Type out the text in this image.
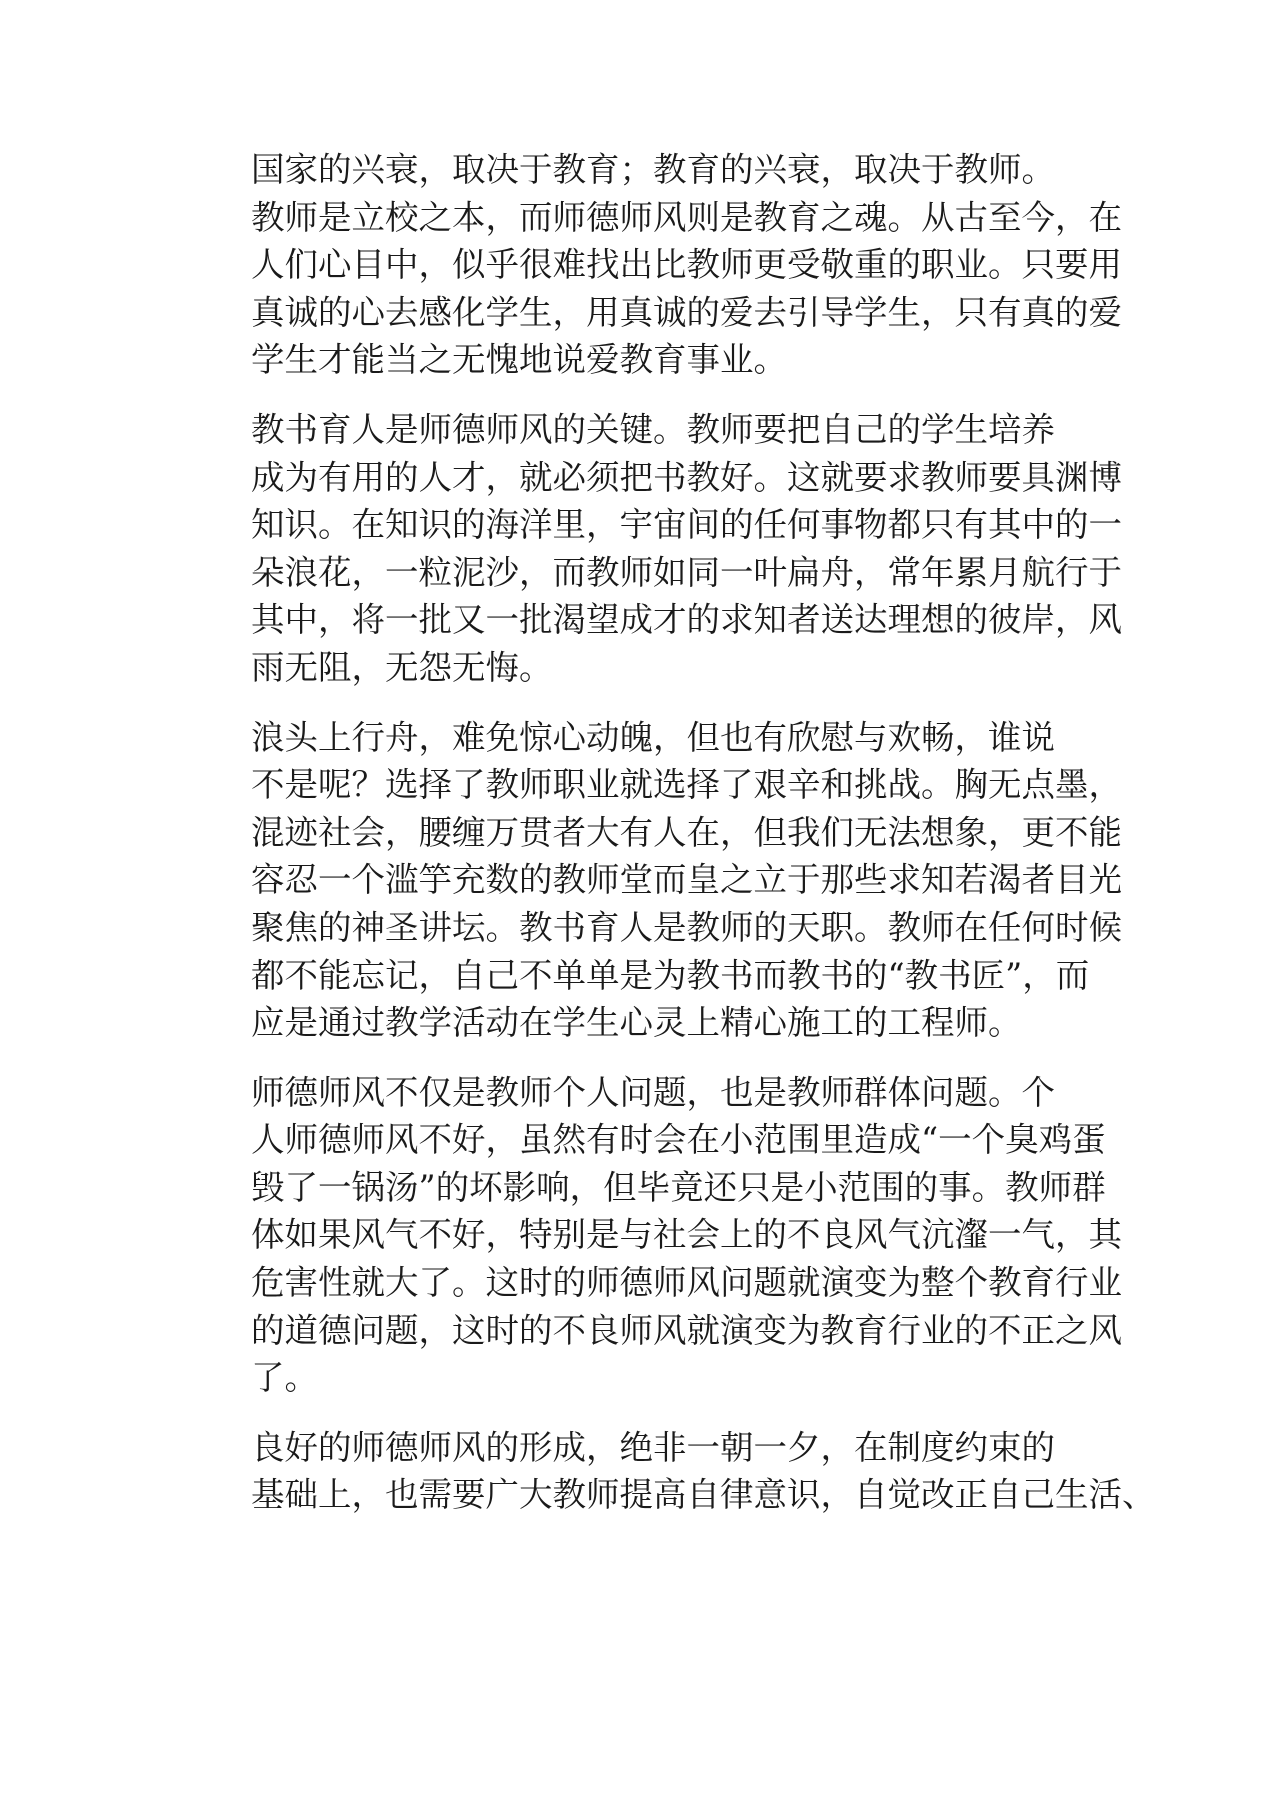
国家的兴衰，取决于教育；教育的兴衰，取决于教师。
教师是立校之本，而师德师风则是教育之魂。从古至今，在
人们心目中，似乎很难找出比教师更受敬重的职业。只要用
真诚的心去感化学生，用真诚的爱去引导学生，只有真的爱
学生才能当之无愧地说爱教育事业。

教书育人是师德师风的关键。教师要把自己的学生培养
成为有用的人才，就必须把书教好。这就要求教师要具渊博
知识。在知识的海洋里，宇宙间的任何事物都只有其中的一
朵浪花，一粒泥沙，而教师如同一叶扁舟，常年累月航行于
其中，将一批又一批渴望成才的求知者送达理想的彼岸，风
雨无阻，无怨无悔。

浪头上行舟，难免惊心动魄，但也有欣慰与欢畅，谁说
不是呢？选择了教师职业就选择了艰辛和挑战。胸无点墨，
混迹社会，腰缠万贯者大有人在，但我们无法想象，更不能
容忍一个滥竽充数的教师堂而皇之立于那些求知若渴者目光
聚焦的神圣讲坛。教书育人是教师的天职。教师在任何时候
都不能忘记，自己不单单是为教书而教书的“教书匠”，而
应是通过教学活动在学生心灵上精心施工的工程师。

师德师风不仅是教师个人问题，也是教师群体问题。个
人师德师风不好，虽然有时会在小范围里造成“一个臭鸡蛋
毁了一锅汤”的坏影响，但毕竟还只是小范围的事。教师群
体如果风气不好，特别是与社会上的不良风气沆瀣一气，其
危害性就大了。这时的师德师风问题就演变为整个教育行业
的道德问题，这时的不良师风就演变为教育行业的不正之风
了。

良好的师德师风的形成，绝非一朝一夕，在制度约束的
基础上，也需要广大教师提高自律意识，自觉改正自己生活、
